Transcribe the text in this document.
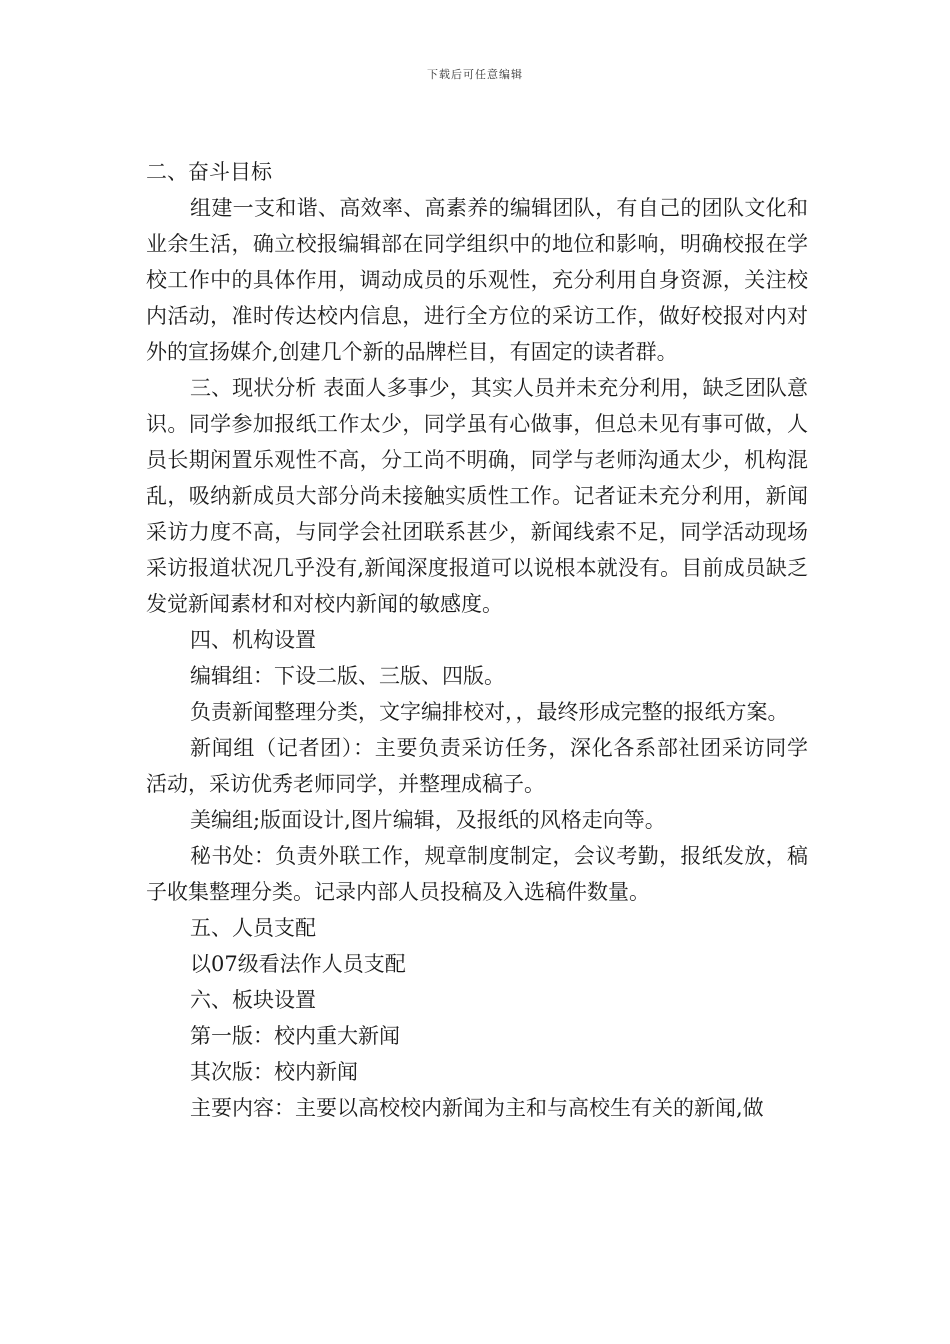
下载后可任意编辑

二、奋斗目标

组建一支和谐、高效率、高素养的编辑团队，有自己的团队文化和业余生活，确立校报编辑部在同学组织中的地位和影响，明确校报在学校工作中的具体作用，调动成员的乐观性，充分利用自身资源，关注校内活动，准时传达校内信息，进行全方位的采访工作，做好校报对内对外的宣扬媒介,创建几个新的品牌栏目，有固定的读者群。

三、现状分析 表面人多事少，其实人员并未充分利用，缺乏团队意识。同学参加报纸工作太少，同学虽有心做事，但总未见有事可做，人员长期闲置乐观性不高，分工尚不明确，同学与老师沟通太少，机构混乱，吸纳新成员大部分尚未接触实质性工作。记者证未充分利用，新闻采访力度不高，与同学会社团联系甚少，新闻线索不足，同学活动现场采访报道状况几乎没有,新闻深度报道可以说根本就没有。目前成员缺乏发觉新闻素材和对校内新闻的敏感度。

四、机构设置

编辑组：下设二版、三版、四版。

负责新闻整理分类，文字编排校对，，最终形成完整的报纸方案。

新闻组（记者团）：主要负责采访任务，深化各系部社团采访同学活动，采访优秀老师同学，并整理成稿子。

美编组;版面设计,图片编辑，及报纸的风格走向等。

秘书处：负责外联工作，规章制度制定，会议考勤，报纸发放，稿子收集整理分类。记录内部人员投稿及入选稿件数量。

五、人员支配

以07级看法作人员支配

六、板块设置

第一版：校内重大新闻

其次版：校内新闻

主要内容：主要以高校校内新闻为主和与高校生有关的新闻,做
